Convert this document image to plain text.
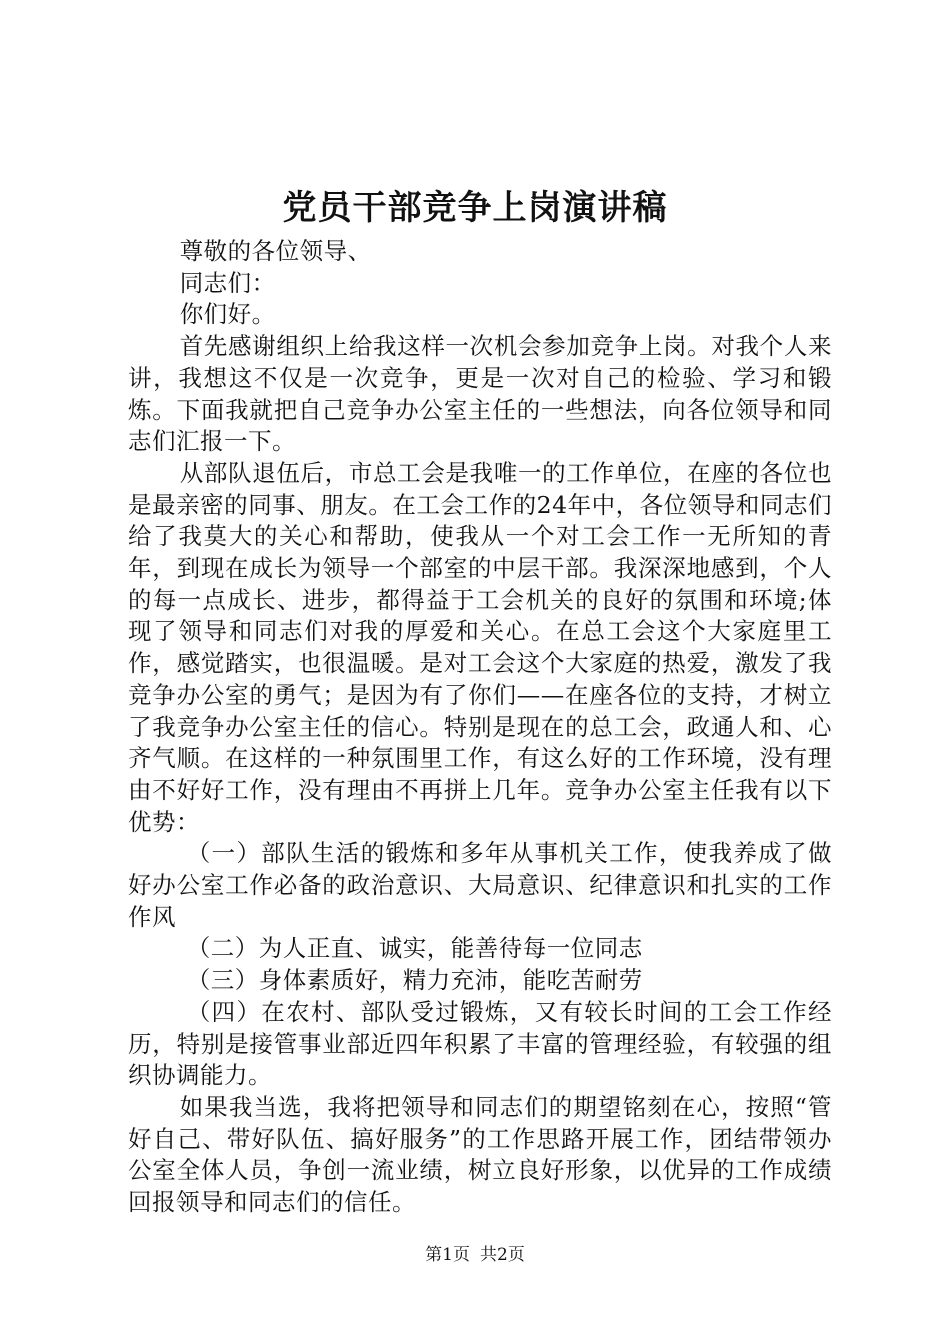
党员干部竞争上岗演讲稿

尊敬的各位领导、

同志们：

你们好。

首先感谢组织上给我这样一次机会参加竞争上岗。对我个人来讲，我想这不仅是一次竞争，更是一次对自己的检验、学习和锻炼。下面我就把自己竞争办公室主任的一些想法，向各位领导和同志们汇报一下。

从部队退伍后，市总工会是我唯一的工作单位，在座的各位也是最亲密的同事、朋友。在工会工作的24年中，各位领导和同志们给了我莫大的关心和帮助，使我从一个对工会工作一无所知的青年，到现在成长为领导一个部室的中层干部。我深深地感到，个人的每一点成长、进步，都得益于工会机关的良好的氛围和环境;体现了领导和同志们对我的厚爱和关心。在总工会这个大家庭里工作，感觉踏实，也很温暖。是对工会这个大家庭的热爱，激发了我竞争办公室的勇气；是因为有了你们——在座各位的支持，才树立了我竞争办公室主任的信心。特别是现在的总工会，政通人和、心齐气顺。在这样的一种氛围里工作，有这么好的工作环境，没有理由不好好工作，没有理由不再拼上几年。竞争办公室主任我有以下优势：

（一）部队生活的锻炼和多年从事机关工作，使我养成了做好办公室工作必备的政治意识、大局意识、纪律意识和扎实的工作作风

（二）为人正直、诚实，能善待每一位同志

（三）身体素质好，精力充沛，能吃苦耐劳

（四）在农村、部队受过锻炼，又有较长时间的工会工作经历，特别是接管事业部近四年积累了丰富的管理经验，有较强的组织协调能力。

如果我当选，我将把领导和同志们的期望铭刻在心，按照“管好自己、带好队伍、搞好服务”的工作思路开展工作，团结带领办公室全体人员，争创一流业绩，树立良好形象，以优异的工作成绩回报领导和同志们的信任。

第1页 共2页
